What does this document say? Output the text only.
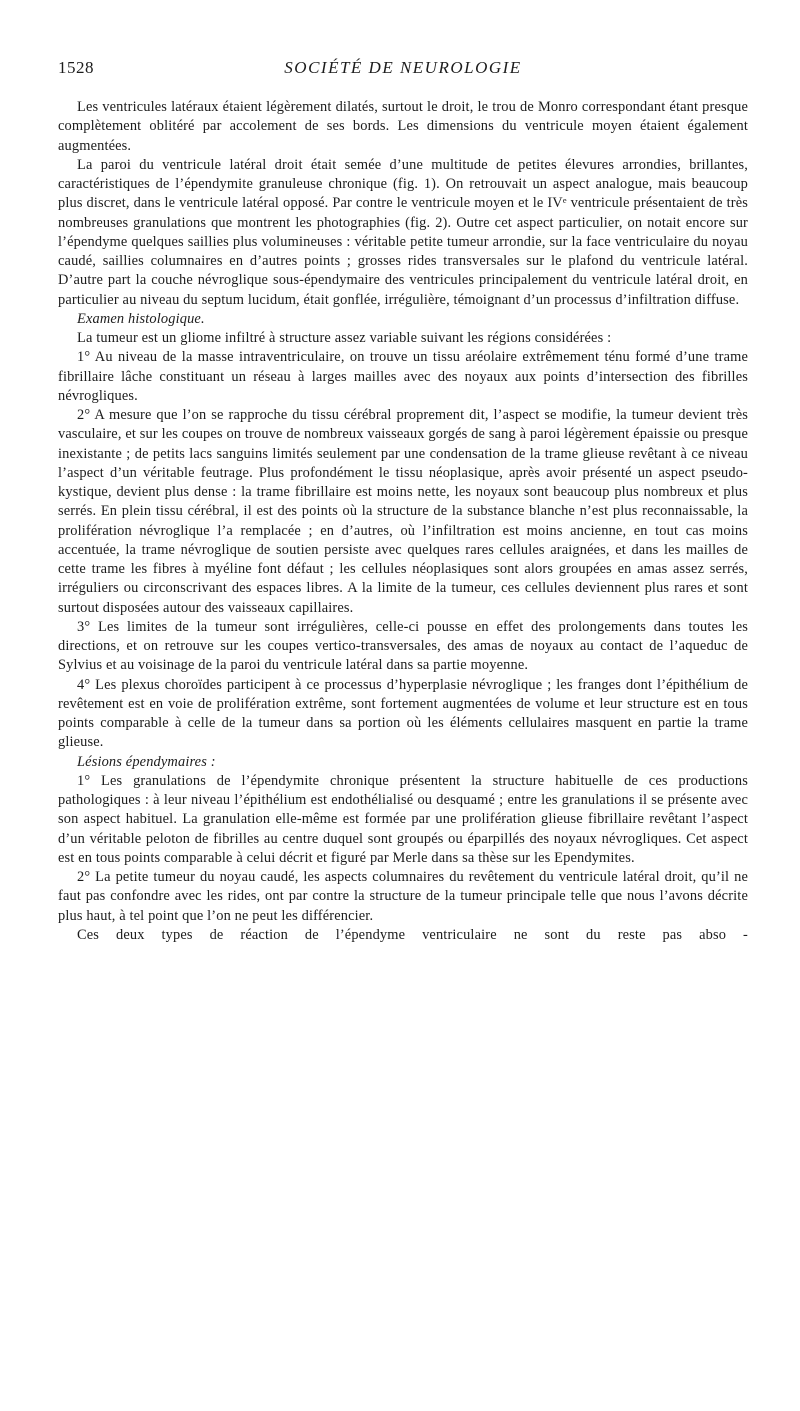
1528	SOCIÉTÉ DE NEUROLOGIE

Les ventricules latéraux étaient légèrement dilatés, surtout le droit, le trou de Monro correspondant étant presque complètement oblitéré par accolement de ses bords. Les dimensions du ventricule moyen étaient également augmentées.

La paroi du ventricule latéral droit était semée d’une multitude de petites élevures arrondies, brillantes, caractéristiques de l’épendymite granuleuse chronique (fig. 1). On retrouvait un aspect analogue, mais beaucoup plus discret, dans le ventricule latéral opposé. Par contre le ventricule moyen et le IVᵉ ventricule présentaient de très nombreuses granulations que montrent les photographies (fig. 2). Outre cet aspect particulier, on notait encore sur l’épendyme quelques saillies plus volumineuses : véritable petite tumeur arrondie, sur la face ventriculaire du noyau caudé, saillies columnaires en d’autres points ; grosses rides transversales sur le plafond du ventricule latéral. D’autre part la couche névroglique sous-épendymaire des ventricules principalement du ventricule latéral droit, en particulier au niveau du septum lucidum, était gonflée, irrégulière, témoignant d’un processus d’infiltration diffuse.

Examen histologique.

La tumeur est un gliome infiltré à structure assez variable suivant les régions considérées :

1° Au niveau de la masse intraventriculaire, on trouve un tissu aréolaire extrêmement ténu formé d’une trame fibrillaire lâche constituant un réseau à larges mailles avec des noyaux aux points d’intersection des fibrilles névrogliques.

2° A mesure que l’on se rapproche du tissu cérébral proprement dit, l’aspect se modifie, la tumeur devient très vasculaire, et sur les coupes on trouve de nombreux vaisseaux gorgés de sang à paroi légèrement épaissie ou presque inexistante ; de petits lacs sanguins limités seulement par une condensation de la trame glieuse revêtant à ce niveau l’aspect d’un véritable feutrage. Plus profondément le tissu néoplasique, après avoir présenté un aspect pseudo-kystique, devient plus dense : la trame fibrillaire est moins nette, les noyaux sont beaucoup plus nombreux et plus serrés. En plein tissu cérébral, il est des points où la structure de la substance blanche n’est plus reconnaissable, la prolifération névroglique l’a remplacée ; en d’autres, où l’infiltration est moins ancienne, en tout cas moins accentuée, la trame névroglique de soutien persiste avec quelques rares cellules araignées, et dans les mailles de cette trame les fibres à myéline font défaut ; les cellules néoplasiques sont alors groupées en amas assez serrés, irréguliers ou circonscrivant des espaces libres. A la limite de la tumeur, ces cellules deviennent plus rares et sont surtout disposées autour des vaisseaux capillaires.

3° Les limites de la tumeur sont irrégulières, celle-ci pousse en effet des prolongements dans toutes les directions, et on retrouve sur les coupes vertico-transversales, des amas de noyaux au contact de l’aqueduc de Sylvius et au voisinage de la paroi du ventricule latéral dans sa partie moyenne.

4° Les plexus choroïdes participent à ce processus d’hyperplasie névroglique ; les franges dont l’épithélium de revêtement est en voie de prolifération extrême, sont fortement augmentées de volume et leur structure est en tous points comparable à celle de la tumeur dans sa portion où les éléments cellulaires masquent en partie la trame glieuse.

Lésions épendymaires :

1° Les granulations de l’épendymite chronique présentent la structure habituelle de ces productions pathologiques : à leur niveau l’épithélium est endothélialisé ou desquamé ; entre les granulations il se présente avec son aspect habituel. La granulation elle-même est formée par une prolifération glieuse fibrillaire revêtant l’aspect d’un véritable peloton de fibrilles au centre duquel sont groupés ou éparpillés des noyaux névrogliques. Cet aspect est en tous points comparable à celui décrit et figuré par Merle dans sa thèse sur les Ependymites.

2° La petite tumeur du noyau caudé, les aspects columnaires du revêtement du ventricule latéral droit, qu’il ne faut pas confondre avec les rides, ont par contre la structure de la tumeur principale telle que nous l’avons décrite plus haut, à tel point que l’on ne peut les différencier.

Ces deux types de réaction de l’épendyme ventriculaire ne sont du reste pas abso -
